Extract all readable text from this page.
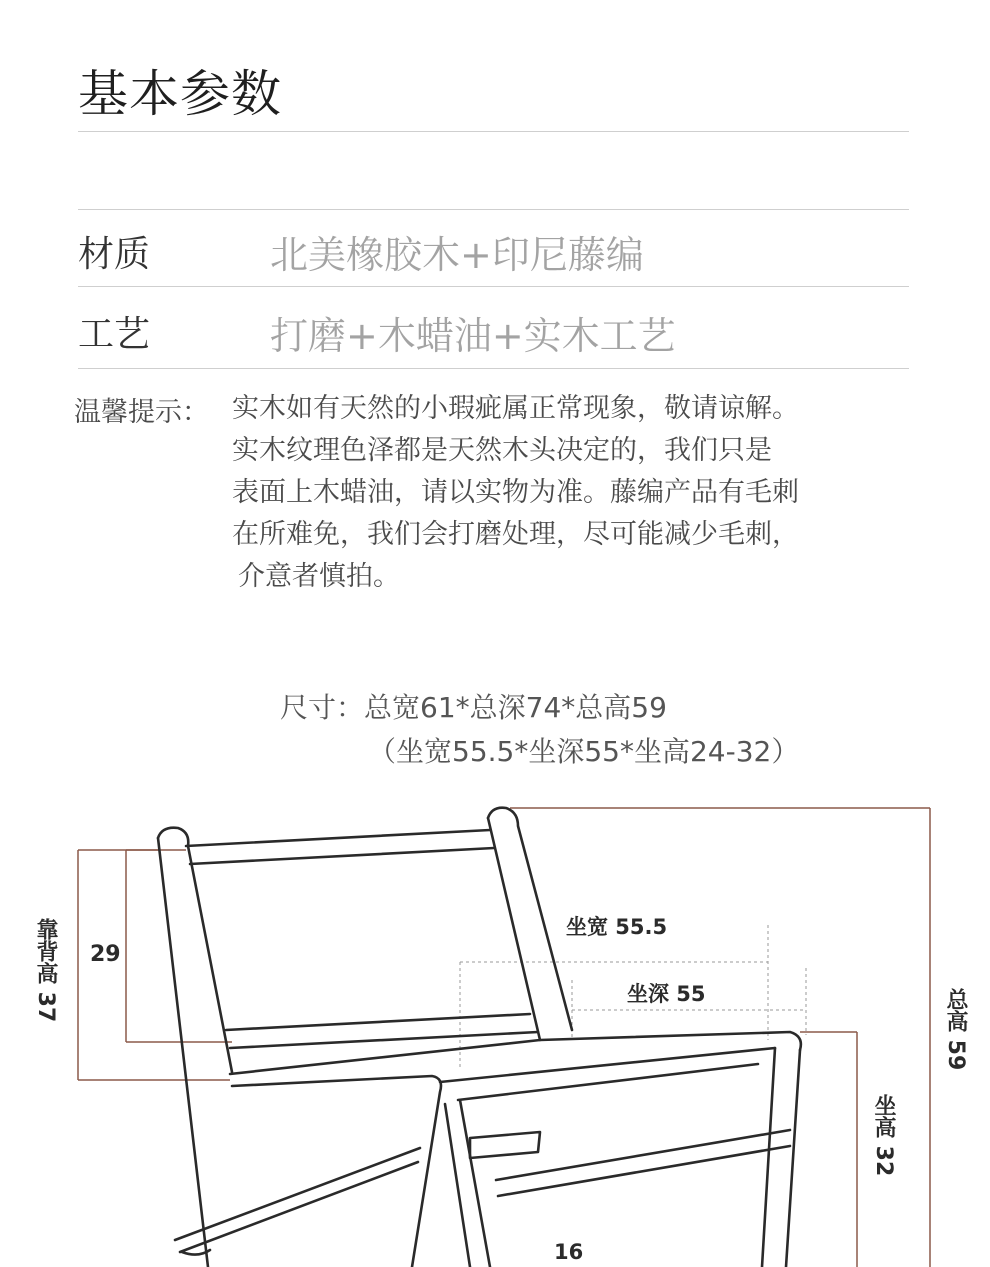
基本参数
材质	北美橡胶木+印尼藤编
工艺	打磨+木蜡油+实木工艺
温馨提示： 实木如有天然的小瑕疵属正常现象，敬请谅解。
实木纹理色泽都是天然木头决定的，我们只是
表面上木蜡油，请以实物为准。藤编产品有毛刺
在所难免，我们会打磨处理，尽可能减少毛刺，
介意者慎拍。
尺寸：总宽61*总深74*总高59
（坐宽55.5*坐深55*坐高24-32）
靠背高 37 29
坐宽 55.5
坐深 55	总高 59
坐高 32
16
